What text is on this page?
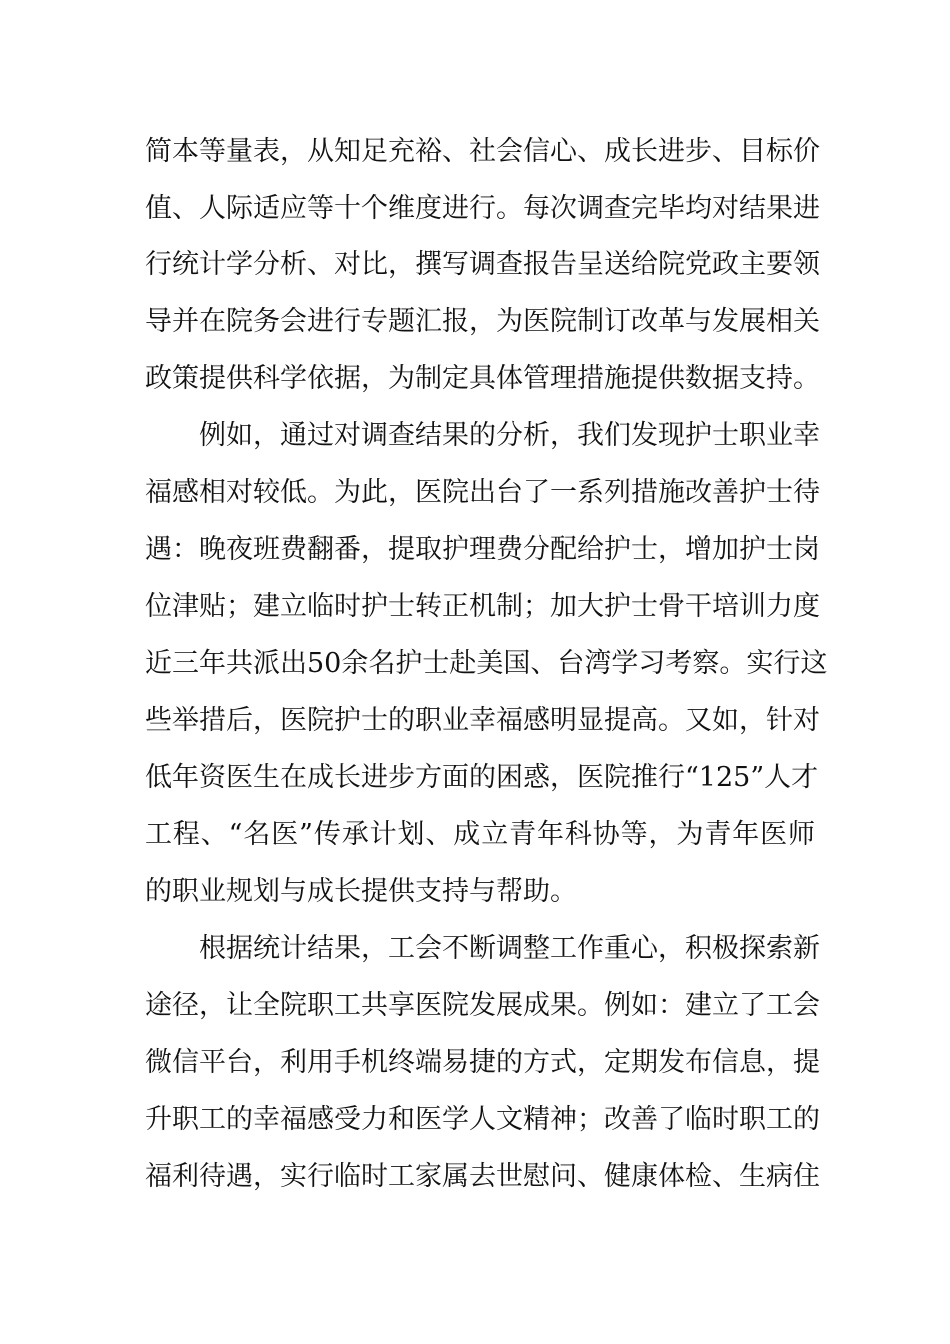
简本等量表，从知足充裕、社会信心、成长进步、目标价
值、人际适应等十个维度进行。每次调查完毕均对结果进
行统计学分析、对比，撰写调查报告呈送给院党政主要领
导并在院务会进行专题汇报，为医院制订改革与发展相关
政策提供科学依据，为制定具体管理措施提供数据支持。
例如，通过对调查结果的分析，我们发现护士职业幸
福感相对较低。为此，医院出台了一系列措施改善护士待
遇：晚夜班费翻番，提取护理费分配给护士，增加护士岗
位津贴；建立临时护士转正机制；加大护士骨干培训力度
近三年共派出50余名护士赴美国、台湾学习考察。实行这
些举措后，医院护士的职业幸福感明显提高。又如，针对
低年资医生在成长进步方面的困惑，医院推行“125”人才
工程、“名医”传承计划、成立青年科协等，为青年医师
的职业规划与成长提供支持与帮助。
根据统计结果，工会不断调整工作重心，积极探索新
途径，让全院职工共享医院发展成果。例如：建立了工会
微信平台，利用手机终端易捷的方式，定期发布信息，提
升职工的幸福感受力和医学人文精神；改善了临时职工的
福利待遇，实行临时工家属去世慰问、健康体检、生病住
